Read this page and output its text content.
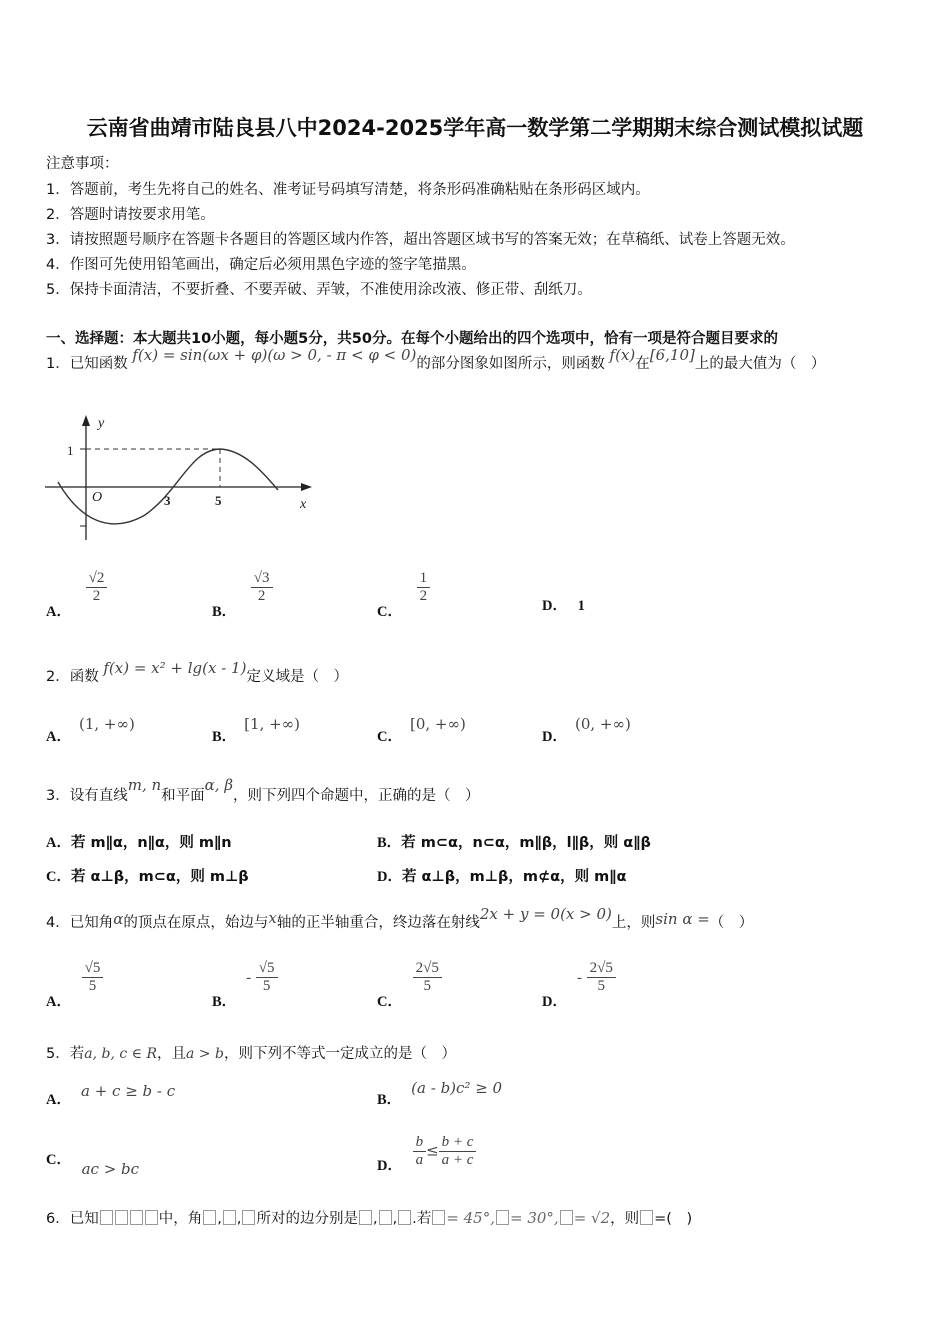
云南省曲靖市陆良县八中2024-2025学年高一数学第二学期期末综合测试模拟试题
注意事项：
1．答题前，考生先将自己的姓名、准考证号码填写清楚，将条形码准确粘贴在条形码区域内。
2．答题时请按要求用笔。
3．请按照题号顺序在答题卡各题目的答题区域内作答，超出答题区域书写的答案无效；在草稿纸、试卷上答题无效。
4．作图可先使用铅笔画出，确定后必须用黑色字迹的签字笔描黑。
5．保持卡面清洁，不要折叠、不要弄破、弄皱，不准使用涂改液、修正带、刮纸刀。
一、选择题：本大题共10小题，每小题5分，共50分。在每个小题给出的四个选项中，恰有一项是符合题目要求的
1．已知函数 f(x) = sin(ωx + φ)(ω > 0, - π < φ < 0)的部分图象如图所示，则函数 f(x)在[6,10]上的最大值为（　）
y
x
O
1
3	5
A．
$\frac{√2}{2}$
B．
$\frac{√3}{2}$
C．
$\frac{1}{2}$
D． 1
2．函数 f(x) = x² + lg(x - 1)定义域是（　）
A．(1, +∞)
B．[1, +∞)
C．[0, +∞)
D．(0, +∞)
3．设有直线m, n和平面α, β，则下列四个命题中，正确的是（　）
A．若 m∥α，n∥α，则 m∥n	B．若 m⊂α，n⊂α，m∥β，l∥β，则 α∥β
C．若 α⊥β，m⊂α，则 m⊥β	D．若 α⊥β，m⊥β，m⊄α，则 m∥α
4．已知角α的顶点在原点，始边与x轴的正半轴重合，终边落在射线2x + y = 0(x > 0)上，则sin α =（　）
A．
$\frac{√5}{5}$
B．- $\frac{√5}{5}$
C．
$\frac{2√5}{5}$
D．- $\frac{2√5}{5}$
5．若a, b, c ∈ R，且a > b，则下列不等式一定成立的是（　）
A． a + c ≥ b - c	B．(a - b)c² ≥ 0
C． ac > bc	D． $\frac{b}{a} \le \frac{b + c}{a + c}$
6．已知	中，角 , , 所对的边分别是 , , .若 = 45°, = 30°, = √2，则 =(　)
